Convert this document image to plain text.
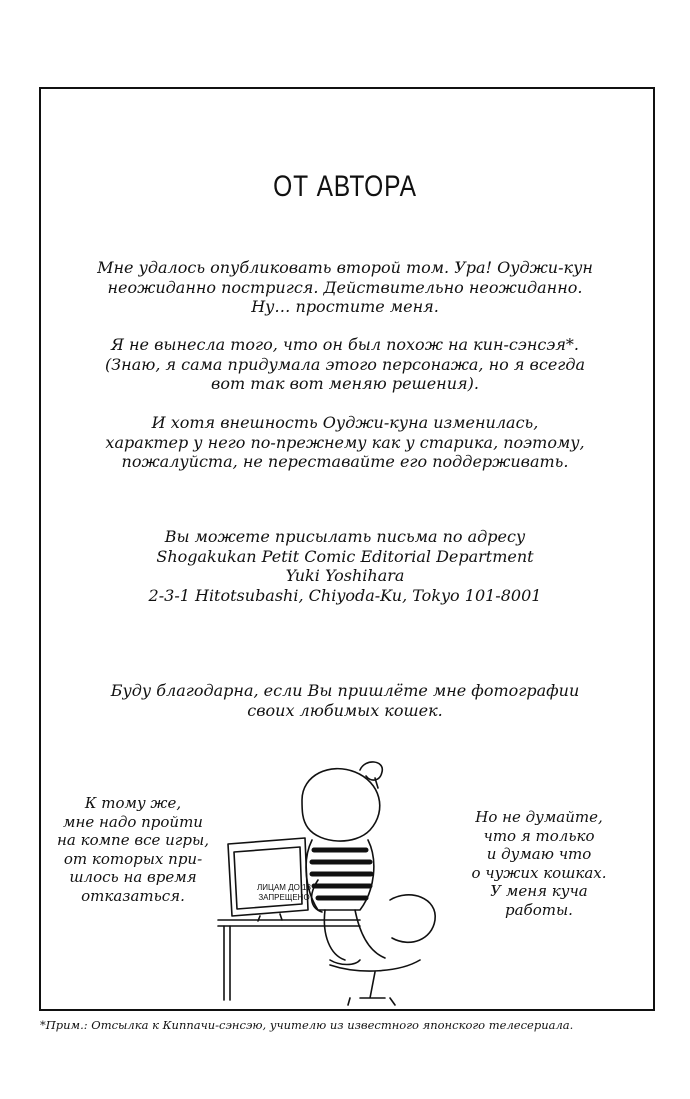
ОТ АВТОРА
Мне удалось опубликовать второй том. Ура! Оуджи-кун
неожиданно постригся. Действительно неожиданно.
Ну… простите меня.
Я не вынесла того, что он был похож на кин-сэнсэя*.
(Знаю, я сама придумала этого персонажа, но я всегда
вот так вот меняю решения).
И хотя внешность Оуджи-куна изменилась,
характер у него по-прежнему как у старика, поэтому,
пожалуйста, не переставайте его поддерживать.
Вы можете присылать письма по адресу
Shogakukan Petit Comic Editorial Department
Yuki Yoshihara
2-3-1 Hitotsubashi, Chiyoda-Ku, Tokyo 101-8001
Буду благодарна, если Вы пришлёте мне фотографии
своих любимых кошек.
К тому же,
мне надо пройти
на компе все игры,
от которых при-
шлось на время
отказаться.
Но не думайте,
что я только
и думаю что
о чужих кошках.
У меня куча
работы.
ЛИЦАМ ДО 18
ЗАПРЕЩЕНО
*Прим.: Отсылка к Киппачи-сэнсэю, учителю из известного японского телесериала.
